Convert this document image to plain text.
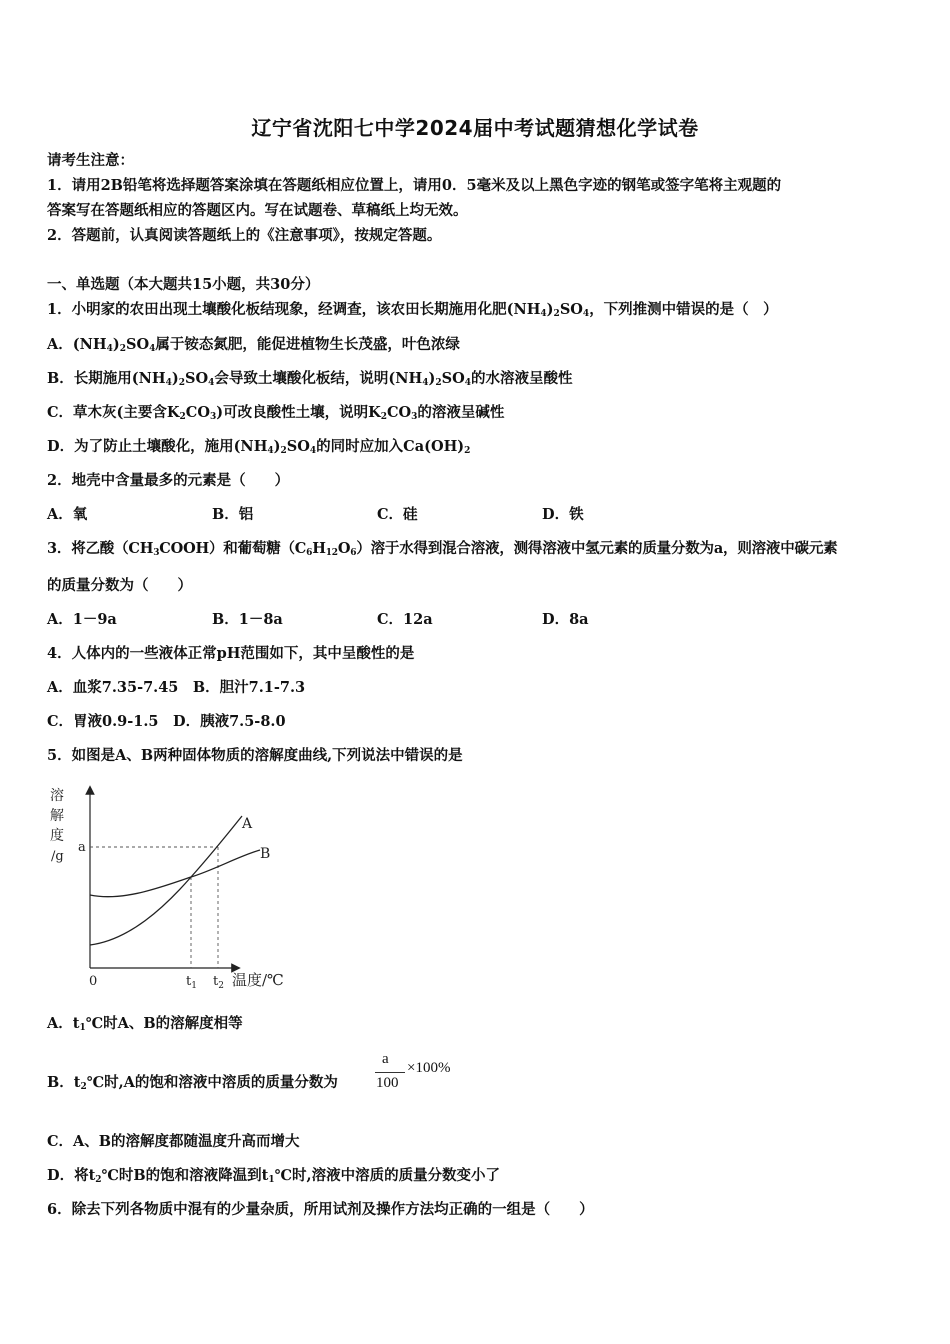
辽宁省沈阳七中学2024届中考试题猜想化学试卷
请考生注意：
1．请用2B铅笔将选择题答案涂填在答题纸相应位置上，请用0．5毫米及以上黑色字迹的钢笔或签字笔将主观题的
答案写在答题纸相应的答题区内。写在试题卷、草稿纸上均无效。
2．答题前，认真阅读答题纸上的《注意事项》，按规定答题。
一、单选题（本大题共15小题，共30分）
1．小明家的农田出现土壤酸化板结现象，经调查，该农田长期施用化肥$(NH_4)_2SO_4$，下列推测中错误的是（　）
A．$(NH_4)_2SO_4$属于铵态氮肥，能促进植物生长茂盛，叶色浓绿
B．长期施用$(NH_4)_2SO_4$会导致土壤酸化板结，说明$(NH_4)_2SO_4$的水溶液呈酸性
C．草木灰(主要含$K_2CO_3$)可改良酸性土壤，说明$K_2CO_3$的溶液呈碱性
D．为了防止土壤酸化，施用$(NH_4)_2SO_4$的同时应加入$Ca(OH)_2$
2．地壳中含量最多的元素是（　　）
A．氧	B．铝	C．硅	D．铁
3．将乙酸$(CH_3COOH)$和葡萄糖$(C_6H_{12}O_6)$溶于水得到混合溶液，测得溶液中氢元素的质量分数为a，则溶液中碳元素
的质量分数为（　　）
A．1－9a	B．1－8a	C．12a	D．8a
4．人体内的一些液体正常pH范围如下，其中呈酸性的是
A．血浆7.35-7.45　B．胆汁7.1-7.3
C．胃液0.9-1.5　D．胰液7.5-8.0
5．如图是A、B两种固体物质的溶解度曲线,下列说法中错误的是
溶
解
度
/g
a
0	$t_1$ $t_2$ 温度/℃
A
B
A．$t_1℃$时A、B的溶解度相等
B．$t_2℃$时,A的饱和溶液中溶质的质量分数为
a
100
×100%
C．A、B的溶解度都随温度升高而增大
D．将$t_2℃$时B的饱和溶液降温到$t_1℃$时,溶液中溶质的质量分数变小了
6．除去下列各物质中混有的少量杂质，所用试剂及操作方法均正确的一组是（　　）
